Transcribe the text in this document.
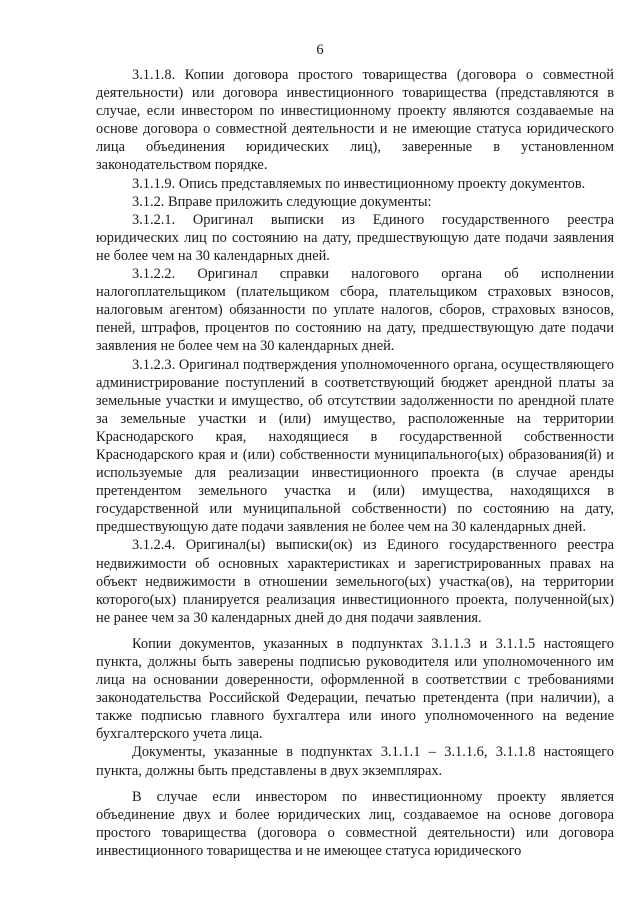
6

3.1.1.8. Копии договора простого товарищества (договора о совместной деятельности) или договора инвестиционного товарищества (представляются в случае, если инвестором по инвестиционному проекту являются создаваемые на основе договора о совместной деятельности и не имеющие статуса юридического лица объединения юридических лиц), заверенные в установленном законодательством порядке.

3.1.1.9. Опись представляемых по инвестиционному проекту документов.

3.1.2. Вправе приложить следующие документы:

3.1.2.1. Оригинал выписки из Единого государственного реестра юридических лиц по состоянию на дату, предшествующую дате подачи заявления не более чем на 30 календарных дней.

3.1.2.2. Оригинал справки налогового органа об исполнении налогоплательщиком (плательщиком сбора, плательщиком страховых взносов, налоговым агентом) обязанности по уплате налогов, сборов, страховых взносов, пеней, штрафов, процентов по состоянию на дату, предшествующую дате подачи заявления не более чем на 30 календарных дней.

3.1.2.3. Оригинал подтверждения уполномоченного органа, осуществляющего администрирование поступлений в соответствующий бюджет арендной платы за земельные участки и имущество, об отсутствии задолженности по арендной плате за земельные участки и (или) имущество, расположенные на территории Краснодарского края, находящиеся в государственной собственности Краснодарского края и (или) собственности муниципального(ых) образования(й) и используемые для реализации инвестиционного проекта (в случае аренды претендентом земельного участка и (или) имущества, находящихся в государственной или муниципальной собственности) по состоянию на дату, предшествующую дате подачи заявления не более чем на 30 календарных дней.

3.1.2.4. Оригинал(ы) выписки(ок) из Единого государственного реестра недвижимости об основных характеристиках и зарегистрированных правах на объект недвижимости в отношении земельного(ых) участка(ов), на территории которого(ых) планируется реализация инвестиционного проекта, полученной(ых) не ранее чем за 30 календарных дней до дня подачи заявления.

Копии документов, указанных в подпунктах 3.1.1.3 и 3.1.1.5 настоящего пункта, должны быть заверены подписью руководителя или уполномоченного им лица на основании доверенности, оформленной в соответствии с требованиями законодательства Российской Федерации, печатью претендента (при наличии), а также подписью главного бухгалтера или иного уполномоченного на ведение бухгалтерского учета лица.

Документы, указанные в подпунктах 3.1.1.1 – 3.1.1.6, 3.1.1.8 настоящего пункта, должны быть представлены в двух экземплярах.

В случае если инвестором по инвестиционному проекту является объединение двух и более юридических лиц, создаваемое на основе договора простого товарищества (договора о совместной деятельности) или договора инвестиционного товарищества и не имеющее статуса юридического
